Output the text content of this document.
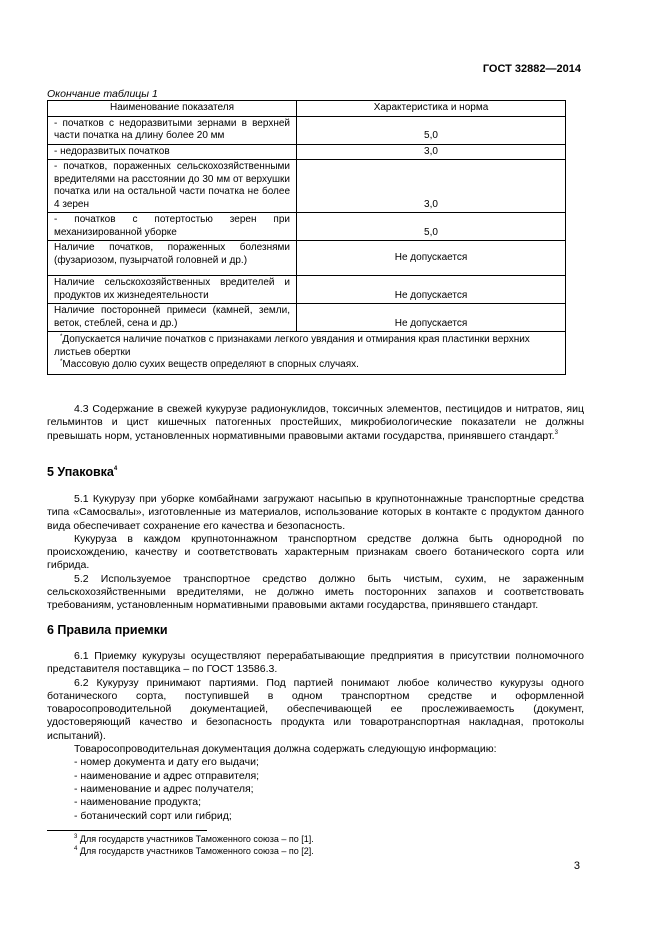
ГОСТ 32882—2014
Окончание таблицы 1
Наименование показателя	Характеристика и норма
- початков с недоразвитыми зернами в верхней части початка на длину более 20 мм	5,0
- недоразвитых початков	3,0
- початков, пораженных сельскохозяйственными вредителями на расстоянии до 30 мм от верхушки початка или на остальной части початка не более 4 зерен	3,0
- початков с потертостью зерен при механизированной уборке	5,0
Наличие початков, пораженных болезнями (фузариозом, пузырчатой головней и др.)	Не допускается
Наличие сельскохозяйственных вредителей и продуктов их жизнедеятельности	Не допускается
Наличие посторонней примеси (камней, земли, веток, стеблей, сена и др.)	Не допускается

*Допускается наличие початков с признаками легкого увядания и отмирания края пластинки верхних листьев обертки
*Массовую долю сухих веществ определяют в спорных случаях.	

4.3 Содержание в свежей кукурузе радионуклидов, токсичных элементов, пестицидов и нитратов, яиц гельминтов и цист кишечных патогенных простейших, микробиологические показатели не должны превышать норм, установленных нормативными правовыми актами государства, принявшего стандарт.$^3$

5 Упаковка$^4$

5.1 Кукурузу при уборке комбайнами загружают насыпью в крупнотоннажные транспортные средства типа «Самосвалы», изготовленные из материалов, использование которых в контакте с продуктом данного вида обеспечивает сохранение его качества и безопасность.

Кукуруза в каждом крупнотоннажном транспортном средстве должна быть однородной по происхождению, качеству и соответствовать характерным признакам своего ботанического сорта или гибрида.

5.2 Используемое транспортное средство должно быть чистым, сухим, не зараженным сельскохозяйственными вредителями, не должно иметь посторонних запахов и соответствовать требованиям, установленным нормативными правовыми актами государства, принявшего стандарт.

6 Правила приемки

6.1 Приемку кукурузы осуществляют перерабатывающие предприятия в присутствии полномочного представителя поставщика – по ГОСТ 13586.3.

6.2 Кукурузу принимают партиями. Под партией понимают любое количество кукурузы одного ботанического сорта, поступившей в одном транспортном средстве и оформленной товаросопроводительной документацией, обеспечивающей ее прослеживаемость (документ, удостоверяющий качество и безопасность продукта или товаротранспортная накладная, протоколы испытаний).

Товаросопроводительная документация должна содержать следующую информацию:

- номер документа и дату его выдачи;

- наименование и адрес отправителя;

- наименование и адрес получателя;

- наименование продукта;

- ботанический сорт или гибрид;

$^3$ Для государств участников Таможенного союза – по [1].
$^4$ Для государств участников Таможенного союза – по [2].
3
